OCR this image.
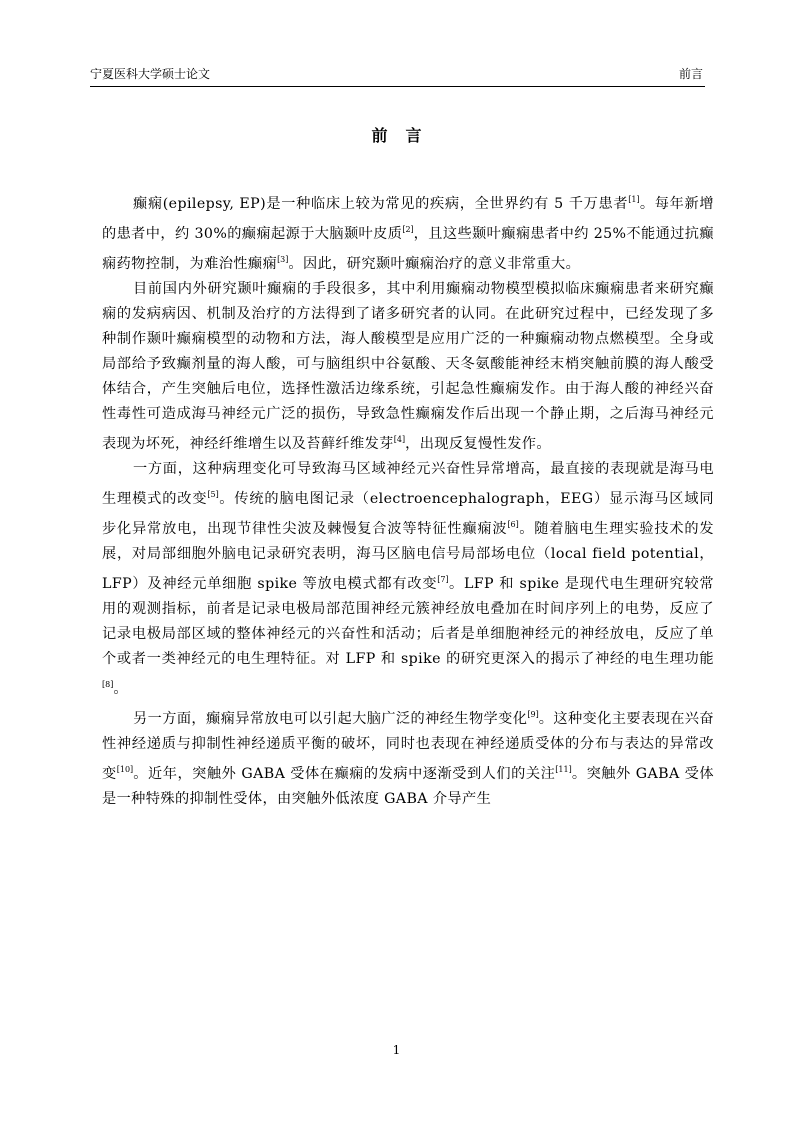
宁夏医科大学硕士论文	前言
前言

癫痫(epilepsy, EP)是一种临床上较为常见的疾病，全世界约有 5 千万患者[1]。每年新增的患者中，约 30%的癫痫起源于大脑颞叶皮质[2]，且这些颞叶癫痫患者中约 25%不能通过抗癫痫药物控制，为难治性癫痫[3]。因此，研究颞叶癫痫治疗的意义非常重大。

目前国内外研究颞叶癫痫的手段很多，其中利用癫痫动物模型模拟临床癫痫患者来研究癫痫的发病病因、机制及治疗的方法得到了诸多研究者的认同。在此研究过程中，已经发现了多种制作颞叶癫痫模型的动物和方法，海人酸模型是应用广泛的一种癫痫动物点燃模型。全身或局部给予致癫剂量的海人酸，可与脑组织中谷氨酸、天冬氨酸能神经末梢突触前膜的海人酸受体结合，产生突触后电位，选择性激活边缘系统，引起急性癫痫发作。由于海人酸的神经兴奋性毒性可造成海马神经元广泛的损伤，导致急性癫痫发作后出现一个静止期，之后海马神经元表现为坏死，神经纤维增生以及苔藓纤维发芽[4]，出现反复慢性发作。

一方面，这种病理变化可导致海马区域神经元兴奋性异常增高，最直接的表现就是海马电生理模式的改变[5]。传统的脑电图记录（electroencephalograph，EEG）显示海马区域同步化异常放电，出现节律性尖波及棘慢复合波等特征性癫痫波[6]。随着脑电生理实验技术的发展，对局部细胞外脑电记录研究表明，海马区脑电信号局部场电位（local field potential，LFP）及神经元单细胞 spike 等放电模式都有改变[7]。LFP 和 spike 是现代电生理研究较常用的观测指标，前者是记录电极局部范围神经元簇神经放电叠加在时间序列上的电势，反应了记录电极局部区域的整体神经元的兴奋性和活动；后者是单细胞神经元的神经放电，反应了单个或者一类神经元的电生理特征。对 LFP 和 spike 的研究更深入的揭示了神经的电生理功能[8]。

另一方面，癫痫异常放电可以引起大脑广泛的神经生物学变化[9]。这种变化主要表现在兴奋性神经递质与抑制性神经递质平衡的破坏，同时也表现在神经递质受体的分布与表达的异常改变[10]。近年，突触外 GABA 受体在癫痫的发病中逐渐受到人们的关注[11]。突触外 GABA 受体是一种特殊的抑制性受体，由突触外低浓度 GABA 介导产生

1
